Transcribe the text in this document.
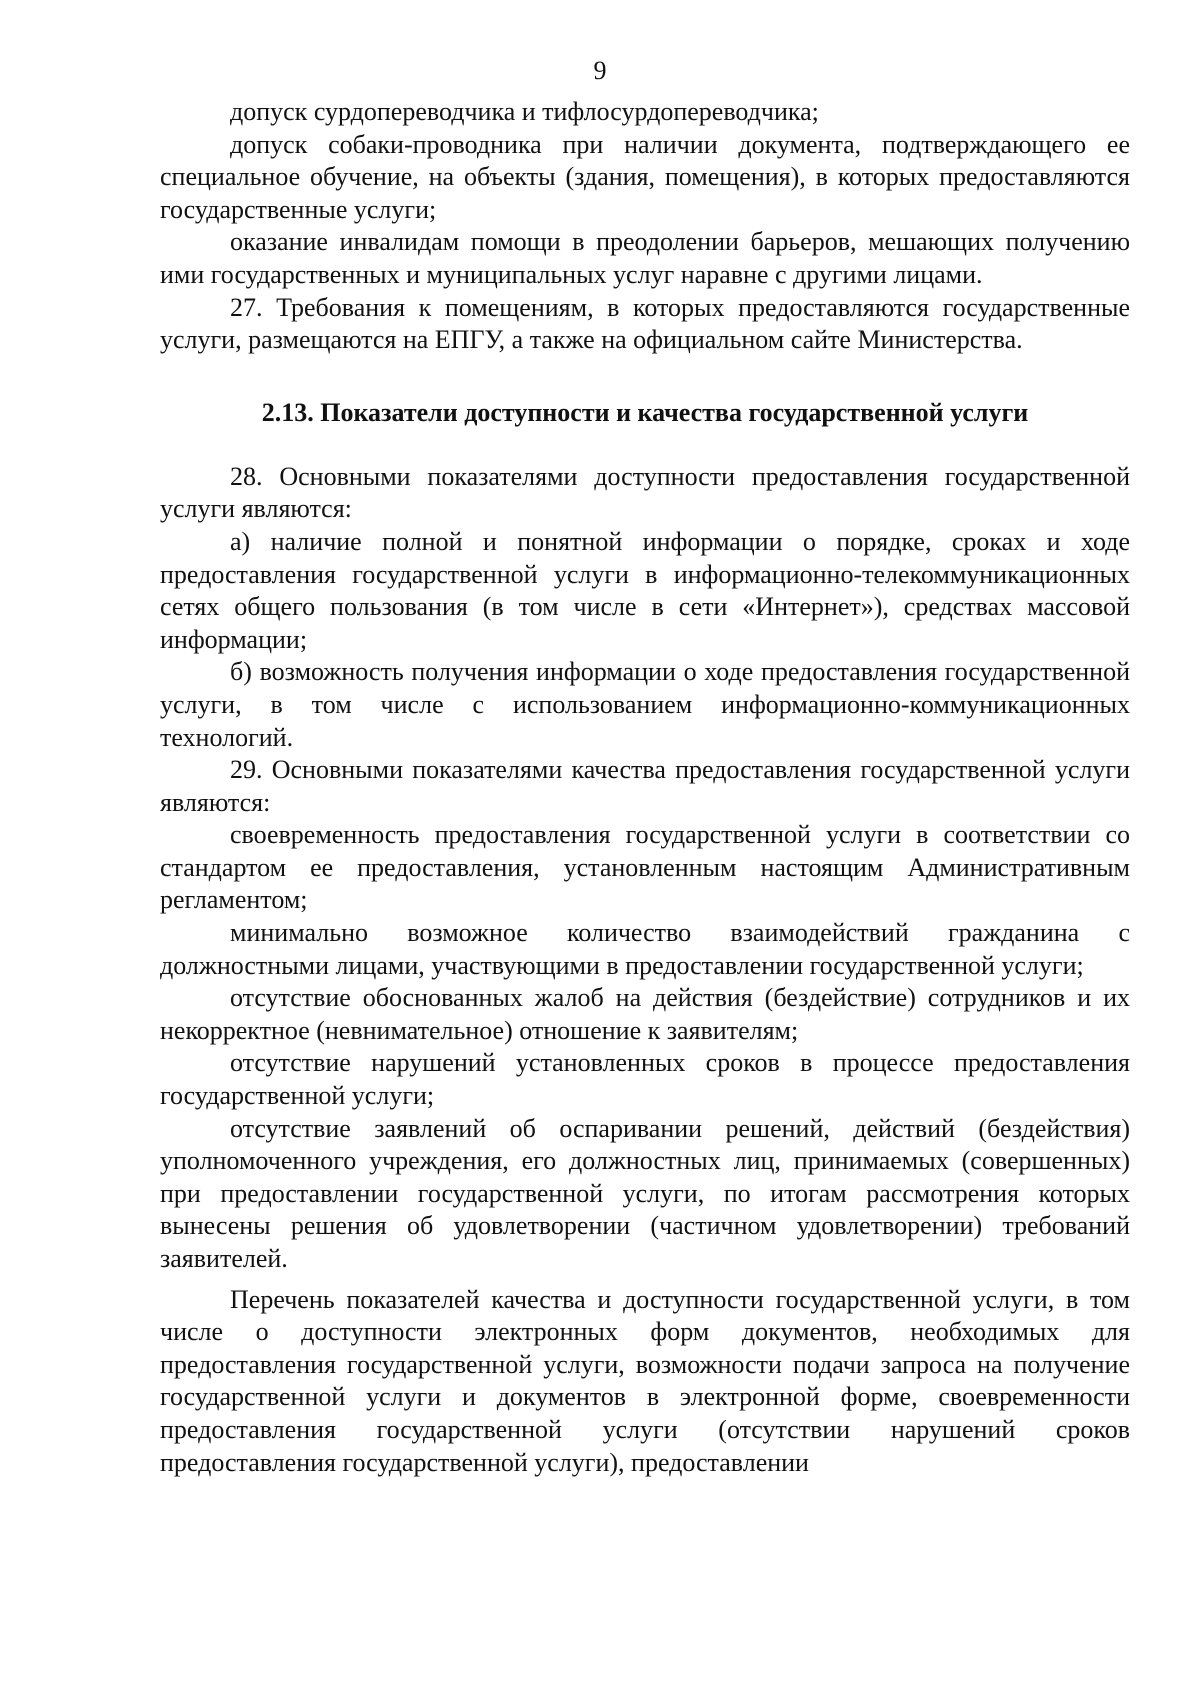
9

допуск сурдопереводчика и тифлосурдопереводчика;

допуск собаки-проводника при наличии документа, подтверждающего ее специальное обучение, на объекты (здания, помещения), в которых предоставляются государственные услуги;

оказание инвалидам помощи в преодолении барьеров, мешающих получению ими государственных и муниципальных услуг наравне с другими лицами.

27. Требования к помещениям, в которых предоставляются государственные услуги, размещаются на ЕПГУ, а также на официальном сайте Министерства.

2.13. Показатели доступности и качества государственной услуги

28. Основными показателями доступности предоставления государственной услуги являются:

а) наличие полной и понятной информации о порядке, сроках и ходе предоставления государственной услуги в информационно-телекоммуникационных сетях общего пользования (в том числе в сети «Интернет»), средствах массовой информации;

б) возможность получения информации о ходе предоставления государственной услуги, в том числе с использованием информационно-коммуникационных технологий.

29. Основными показателями качества предоставления государственной услуги являются:

своевременность предоставления государственной услуги в соответствии со стандартом ее предоставления, установленным настоящим Административным регламентом;

минимально возможное количество взаимодействий гражданина с должностными лицами, участвующими в предоставлении государственной услуги;

отсутствие обоснованных жалоб на действия (бездействие) сотрудников и их некорректное (невнимательное) отношение к заявителям;

отсутствие нарушений установленных сроков в процессе предоставления государственной услуги;

отсутствие заявлений об оспаривании решений, действий (бездействия) уполномоченного учреждения, его должностных лиц, принимаемых (совершенных) при предоставлении государственной услуги, по итогам рассмотрения которых вынесены решения об удовлетворении (частичном удовлетворении) требований заявителей.

Перечень показателей качества и доступности государственной услуги, в том числе о доступности электронных форм документов, необходимых для предоставления государственной услуги, возможности подачи запроса на получение государственной услуги и документов в электронной форме, своевременности предоставления государственной услуги (отсутствии нарушений сроков предоставления государственной услуги), предоставлении
